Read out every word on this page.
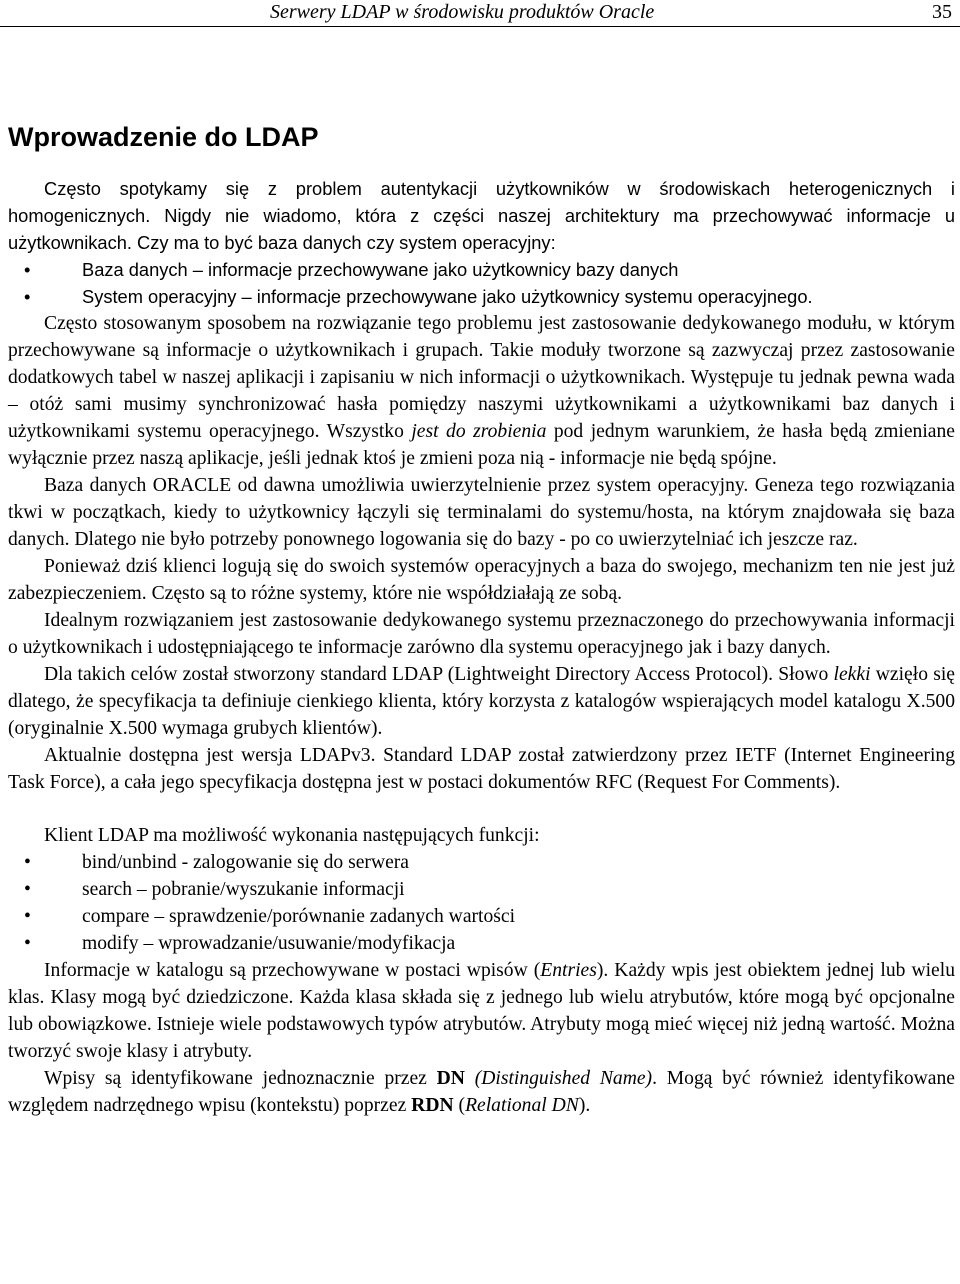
Serwery LDAP w środowisku produktów Oracle	35
Wprowadzenie do LDAP

Często spotykamy się z problem autentykacji użytkowników w środowiskach heterogenicznych i homogenicznych. Nigdy nie wiadomo, która z części naszej architektury ma przechowywać informacje u użytkownikach. Czy ma to być baza danych czy system operacyjny:

• Baza danych – informacje przechowywane jako użytkownicy bazy danych
• System operacyjny – informacje przechowywane jako użytkownicy systemu operacyjnego.

Często stosowanym sposobem na rozwiązanie tego problemu jest zastosowanie dedykowanego modułu, w którym przechowywane są informacje o użytkownikach i grupach. Takie moduły tworzone są zazwyczaj przez zastosowanie dodatkowych tabel w naszej aplikacji i zapisaniu w nich informacji o użytkownikach. Występuje tu jednak pewna wada – otóż sami musimy synchronizować hasła pomiędzy naszymi użytkownikami a użytkownikami baz danych i użytkownikami systemu operacyjnego. Wszystko jest do zrobienia pod jednym warunkiem, że hasła będą zmieniane wyłącznie przez naszą aplikacje, jeśli jednak ktoś je zmieni poza nią - informacje nie będą spójne.

Baza danych ORACLE od dawna umożliwia uwierzytelnienie przez system operacyjny. Geneza tego rozwiązania tkwi w początkach, kiedy to użytkownicy łączyli się terminalami do systemu/hosta, na którym znajdowała się baza danych. Dlatego nie było potrzeby ponownego logowania się do bazy - po co uwierzytelniać ich jeszcze raz.

Ponieważ dziś klienci logują się do swoich systemów operacyjnych a baza do swojego, mechanizm ten nie jest już zabezpieczeniem. Często są to różne systemy, które nie współdziałają ze sobą.

Idealnym rozwiązaniem jest zastosowanie dedykowanego systemu przeznaczonego do przechowywania informacji o użytkownikach i udostępniającego te informacje zarówno dla systemu operacyjnego jak i bazy danych.

Dla takich celów został stworzony standard LDAP (Lightweight Directory Access Protocol). Słowo lekki wzięło się dlatego, że specyfikacja ta definiuje cienkiego klienta, który korzysta z katalogów wspierających model katalogu X.500 (oryginalnie X.500 wymaga grubych klientów).

Aktualnie dostępna jest wersja LDAPv3. Standard LDAP został zatwierdzony przez IETF (Internet Engineering Task Force), a cała jego specyfikacja dostępna jest w postaci dokumentów RFC (Request For Comments).

Klient LDAP ma możliwość wykonania następujących funkcji:

• bind/unbind - zalogowanie się do serwera
• search – pobranie/wyszukanie informacji
• compare – sprawdzenie/porównanie zadanych wartości
• modify – wprowadzanie/usuwanie/modyfikacja

Informacje w katalogu są przechowywane w postaci wpisów (Entries). Każdy wpis jest obiektem jednej lub wielu klas. Klasy mogą być dziedziczone. Każda klasa składa się z jednego lub wielu atrybutów, które mogą być opcjonalne lub obowiązkowe. Istnieje wiele podstawowych typów atrybutów. Atrybuty mogą mieć więcej niż jedną wartość. Można tworzyć swoje klasy i atrybuty.

Wpisy są identyfikowane jednoznacznie przez DN (Distinguished Name). Mogą być również identyfikowane względem nadrzędnego wpisu (kontekstu) poprzez RDN (Relational DN).
